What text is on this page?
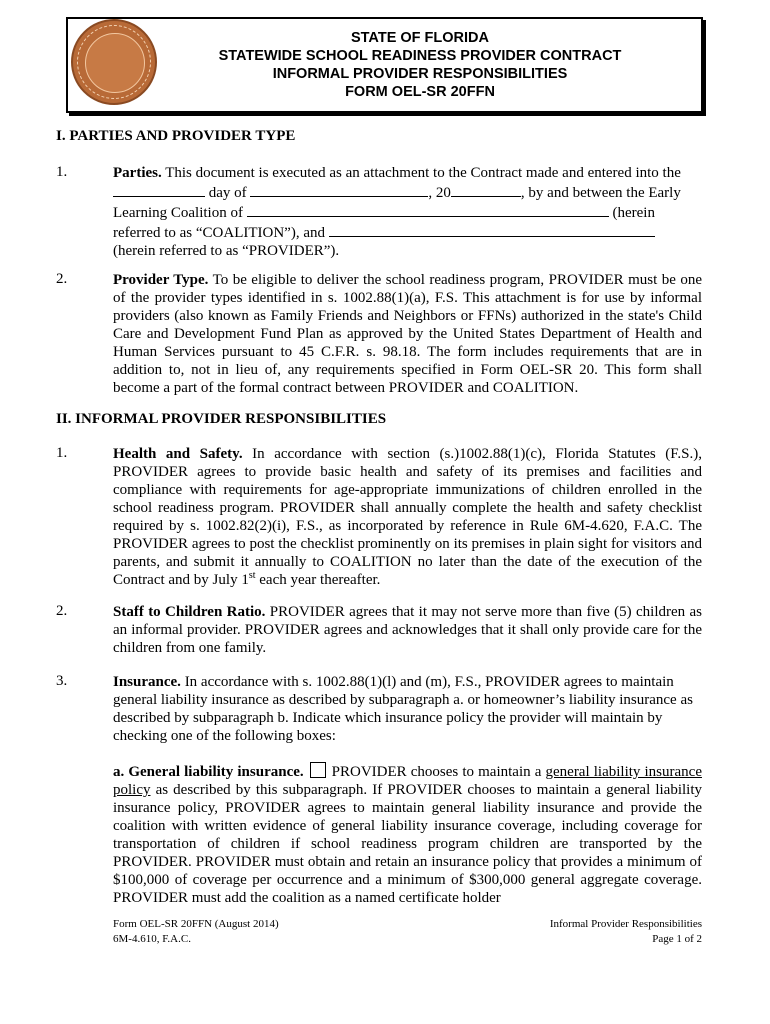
STATE OF FLORIDA
STATEWIDE SCHOOL READINESS PROVIDER CONTRACT
INFORMAL PROVIDER RESPONSIBILITIES
FORM OEL-SR 20FFN
I. PARTIES AND PROVIDER TYPE
1.	Parties. This document is executed as an attachment to the Contract made and entered into the

day of	, 20	, by and between the Early

Learning Coalition of	(herein

referred to as “COALITION”), and

(herein referred to as “PROVIDER”).

2.	Provider Type. To be eligible to deliver the school readiness program, PROVIDER must be one of the provider types identified in s. 1002.88(1)(a), F.S. This attachment is for use by informal providers (also known as Family Friends and Neighbors or FFNs) authorized in the state's Child Care and Development Fund Plan as approved by the United States Department of Health and Human Services pursuant to 45 C.F.R. s. 98.18. The form includes requirements that are in addition to, not in lieu of, any requirements specified in Form OEL-SR 20. This form shall become a part of the formal contract between PROVIDER and COALITION.

II. INFORMAL PROVIDER RESPONSIBILITIES
1.	Health and Safety. In accordance with section (s.)1002.88(1)(c), Florida Statutes (F.S.), PROVIDER agrees to provide basic health and safety of its premises and facilities and compliance with requirements for age-appropriate immunizations of children enrolled in the school readiness program. PROVIDER shall annually complete the health and safety checklist required by s. 1002.82(2)(i), F.S., as incorporated by reference in Rule 6M-4.620, F.A.C. The PROVIDER agrees to post the checklist prominently on its premises in plain sight for visitors and parents, and submit it annually to COALITION no later than the date of the execution of the Contract and by July 1st each year thereafter.

2.	Staff to Children Ratio. PROVIDER agrees that it may not serve more than five (5) children as an informal provider. PROVIDER agrees and acknowledges that it shall only provide care for the children from one family.

3.	Insurance. In accordance with s. 1002.88(1)(l) and (m), F.S., PROVIDER agrees to maintain general liability insurance as described by subparagraph a. or homeowner’s liability insurance as described by subparagraph b. Indicate which insurance policy the provider will maintain by checking one of the following boxes:

a. General liability insurance. PROVIDER chooses to maintain a general liability insurance policy as described by this subparagraph. If PROVIDER chooses to maintain a general liability insurance policy, PROVIDER agrees to maintain general liability insurance and provide the coalition with written evidence of general liability insurance coverage, including coverage for transportation of children if school readiness program children are transported by the PROVIDER. PROVIDER must obtain and retain an insurance policy that provides a minimum of $100,000 of coverage per occurrence and a minimum of $300,000 general aggregate coverage. PROVIDER must add the coalition as a named certificate holder

Form OEL-SR 20FFN (August 2014)
6M-4.610, F.A.C.
Informal Provider Responsibilities
Page 1 of 2
